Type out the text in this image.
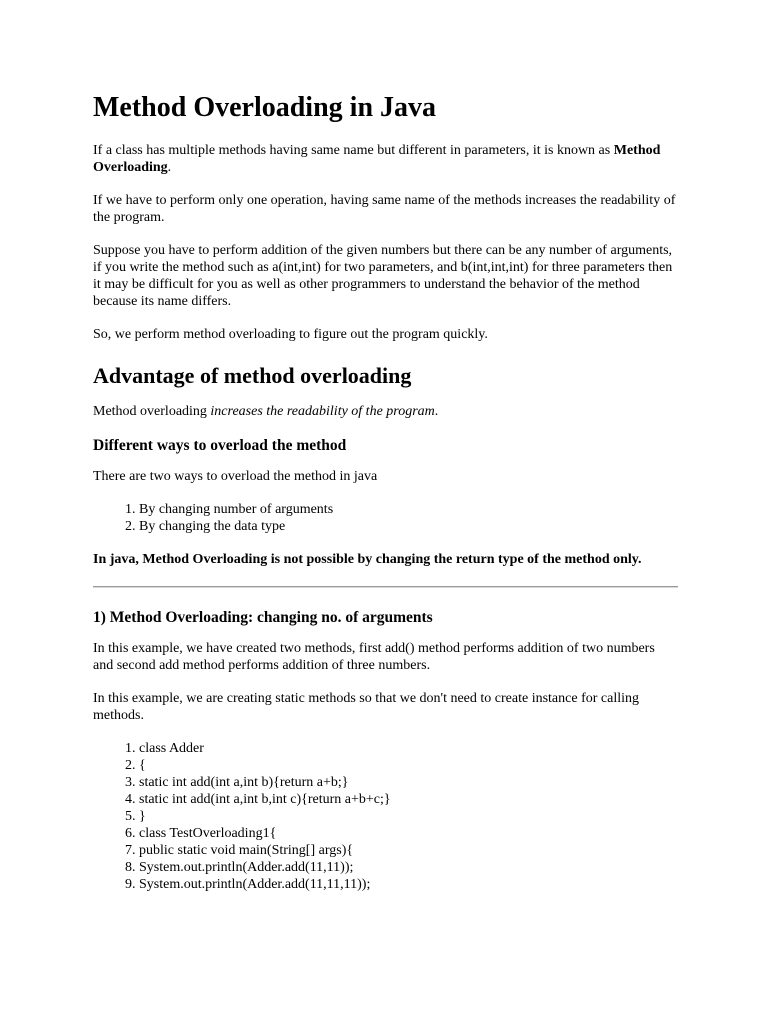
Method Overloading in Java

If a class has multiple methods having same name but different in parameters, it is known as Method Overloading.

If we have to perform only one operation, having same name of the methods increases the readability of the program.

Suppose you have to perform addition of the given numbers but there can be any number of arguments, if you write the method such as a(int,int) for two parameters, and b(int,int,int) for three parameters then it may be difficult for you as well as other programmers to understand the behavior of the method because its name differs.

So, we perform method overloading to figure out the program quickly.

Advantage of method overloading

Method overloading increases the readability of the program.

Different ways to overload the method

There are two ways to overload the method in java

1. By changing number of arguments
2. By changing the data type

In java, Method Overloading is not possible by changing the return type of the method only.

1) Method Overloading: changing no. of arguments

In this example, we have created two methods, first add() method performs addition of two numbers and second add method performs addition of three numbers.

In this example, we are creating static methods so that we don't need to create instance for calling methods.

1. class Adder
2. {
3. static int add(int a,int b){return a+b;}
4. static int add(int a,int b,int c){return a+b+c;}
5. }
6. class TestOverloading1{
7. public static void main(String[] args){
8. System.out.println(Adder.add(11,11));
9. System.out.println(Adder.add(11,11,11));
